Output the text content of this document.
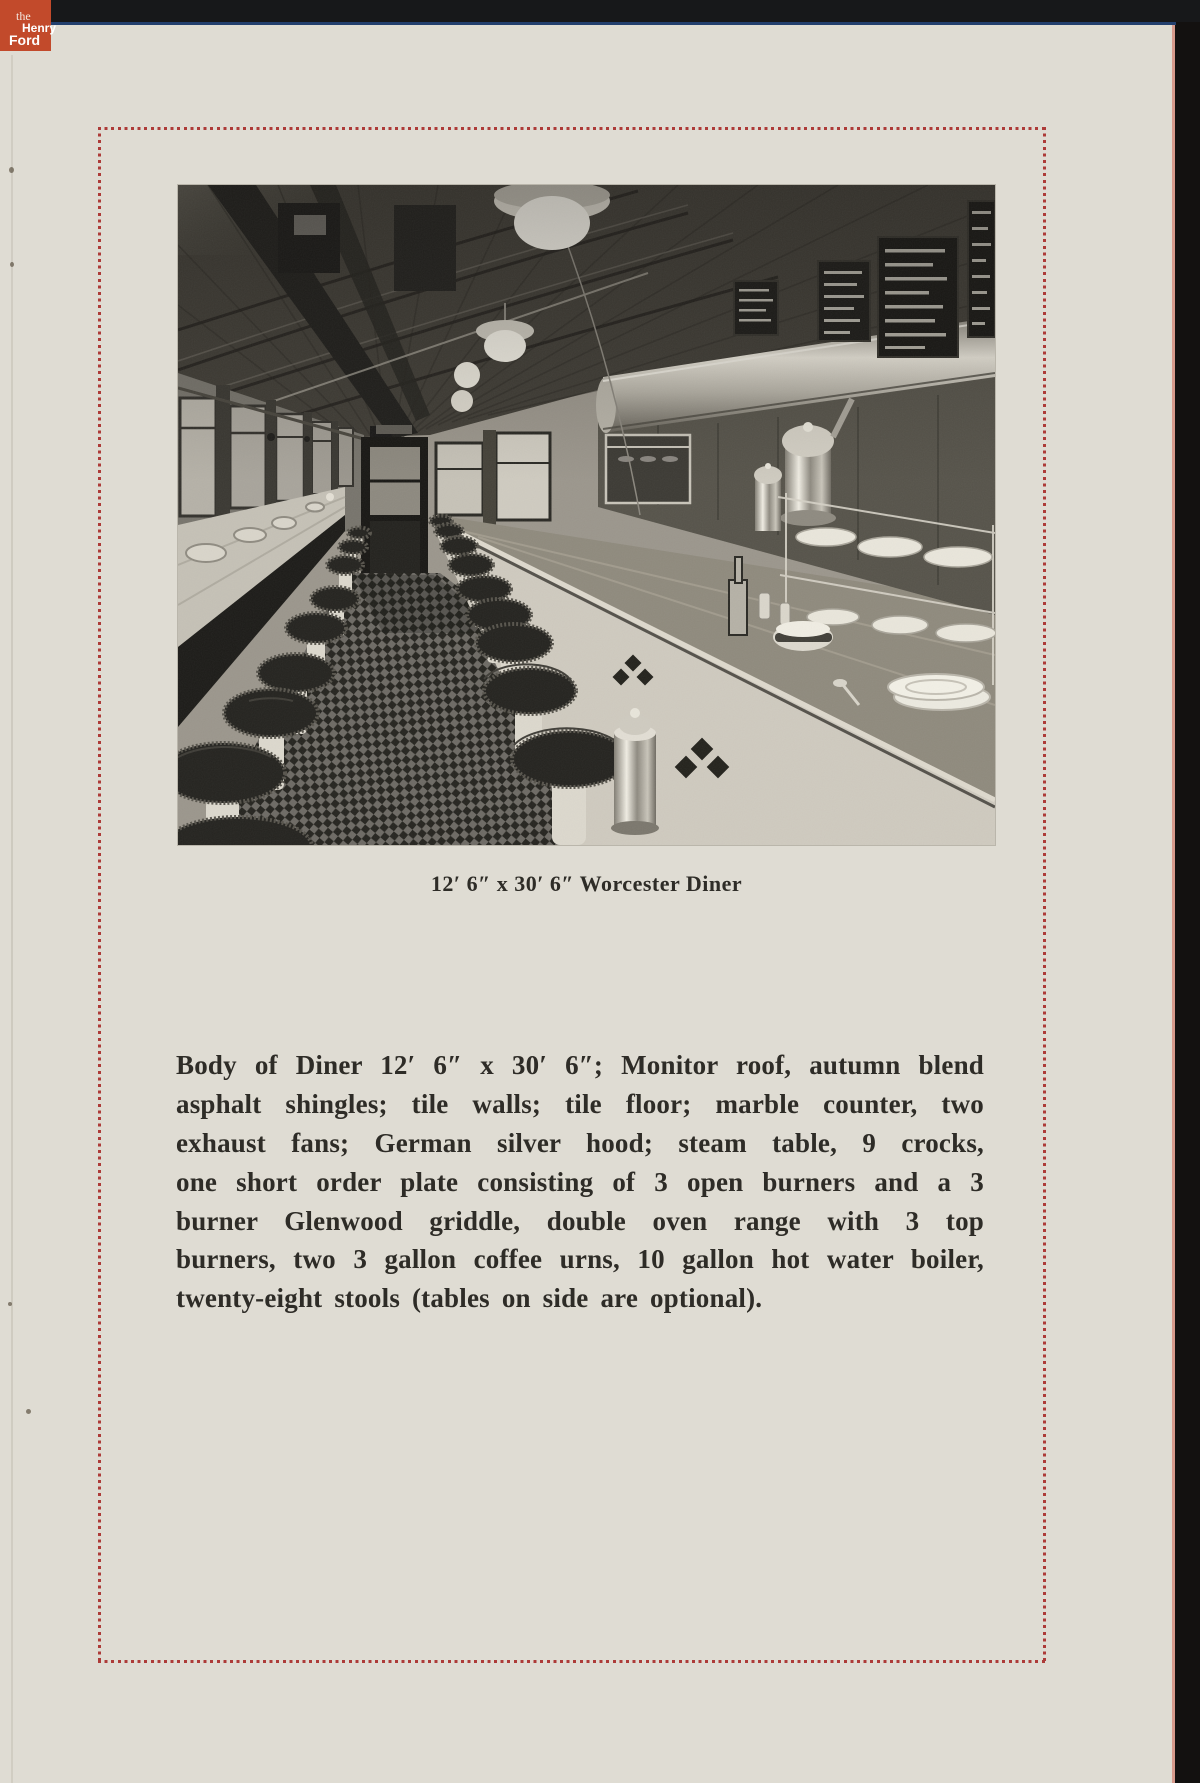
12′ 6″ x 30′ 6″ Worcester Diner
Body of Diner 12′ 6″ x 30′ 6″; Monitor roof, autumn blend
asphalt shingles; tile walls; tile floor; marble counter, two
exhaust fans; German silver hood; steam table, 9 crocks,
one short order plate consisting of 3 open burners and a 3
burner Glenwood griddle, double oven range with 3 top
burners, two 3 gallon coffee urns, 10 gallon hot water boiler,
twenty-eight stools (tables on side are optional).
the
Henry
Ford
